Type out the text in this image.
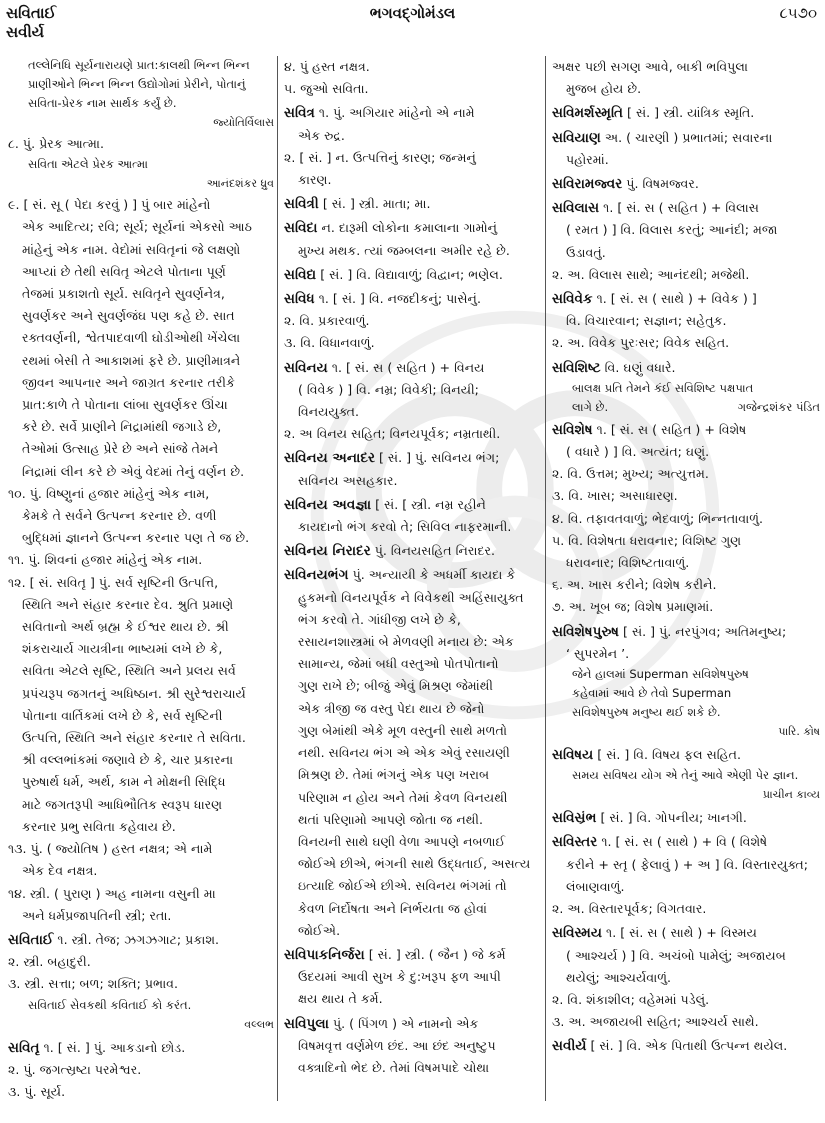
સવિતાઈ
સવીર્ય
ભગવદ્ગોમંડલ	૮૫૭૦
તલ્લેનિધિ સૂર્યનારાયણે પ્રાત:કાલથી ભિન્ન ભિન્ન
પ્રાણીઓને ભિન્ન ભિન્ન ઉદ્યોગોમાં પ્રેરીને, પોતાનું
સવિતા-પ્રેરક નામ સાર્થક કર્યું છે.
જ્યોતિર્વિલાસ
૮. પું. પ્રેરક આત્મા.
સવિતા એટલે પ્રેરક આત્મા
આનંદશંકર ધ્રુવ
૯. [ સં. સૂ ( પેદા કરવું ) ] પું બાર માંહેનો
એક આદિત્ય; રવિ; સૂર્ય; સૂર્યનાં એકસો આઠ
માંહેનું એક નામ. વેદોમાં સવિતૃનાં જે લક્ષણો
આપ્યાં છે તેથી સવિતૃ એટલે પોતાના પૂર્ણ
તેજમાં પ્રકાશતો સૂર્ય. સવિતૃને સુવર્ણનેત્ર,
સુવર્ણકર અને સુવર્ણજંઘ પણ કહે છે. સાત
રક્તવર્ણની, શ્વેતપાદવાળી ઘોડીઓથી ખેંચેલા
રથમાં બેસી તે આકાશમાં ફરે છે. પ્રાણીમાત્રને
જીવન આપનાર અને જાગ્રત કરનાર તરીકે
પ્રાત:કાળે તે પોતાના લાંબા સુવર્ણકર ઊંચા
કરે છે. સર્વે પ્રાણીને નિદ્રામાંથી જગાડે છે,
તેઓમાં ઉત્સાહ પ્રેરે છે અને સાંજે તેમને
નિદ્રામાં લીન કરે છે એવું વેદમાં તેનું વર્ણન છે.
૧૦. પું. વિષ્ણુનાં હજાર માંહેનું એક નામ,
કેમકે તે સર્વને ઉત્પન્ન કરનાર છે. વળી
બુદ્ધિમાં જ્ઞાનને ઉત્પન્ન કરનાર પણ તે જ છે.
૧૧. પું. શિવનાં હજાર માંહેનું એક નામ.
૧૨. [ સં. સવિતૃ ] પું. સર્વ સૃષ્ટિની ઉત્પત્તિ,
સ્થિતિ અને સંહાર કરનાર દેવ. શ્રુતિ પ્રમાણે
સવિતાનો અર્થ બ્રહ્મ કે ઈશ્વર થાય છે. શ્રી
શંકરાચાર્ય ગાયત્રીના ભાષ્યમાં લખે છે કે,
સવિતા એટલે સૃષ્ટિ, સ્થિતિ અને પ્રલય સર્વ
પ્રપંચરૂપ જગતનું અધિષ્ઠાન. શ્રી સુરેશ્વરાચાર્ય
પોતાના વાર્તિકમાં લખે છે કે, સર્વ સૃષ્ટિની
ઉત્પત્તિ, સ્થિતિ અને સંહાર કરનાર તે સવિતા.
શ્રી વલ્લભાંકમાં જણાવે છે કે, ચાર પ્રકારના
પુરુષાર્થ ધર્મ, અર્થ, કામ ને મોક્ષની સિદ્ધિ
માટે જગતરૂપી આધિભૌતિક સ્વરૂપ ધારણ
કરનાર પ્રભુ સવિતા કહેવાય છે.
૧૩. પું. ( જ્યોતિષ ) હસ્ત નક્ષત્ર; એ નામે
એક દેવ નક્ષત્ર.
૧૪. સ્ત્રી. ( પુરાણ ) અહ નામના વસુની મા
અને ધર્મપ્રજાપતિની સ્ત્રી; રતા.
સવિતાઈ ૧. સ્ત્રી. તેજ; ઝગઝગાટ; પ્રકાશ.
૨. સ્ત્રી. બહાદુરી.
૩. સ્ત્રી. સત્તા; બળ; શક્તિ; પ્રભાવ.
સવિતાઈ સેવકથી કવિતાઈ કો કરંત.
વલ્લભ
સવિતૃ ૧. [ સં. ] પું. આકડાનો છોડ.
૨. પું. જગત્સ્રષ્ટા પરમેશ્વર.
૩. પું. સૂર્ય.
૪. પું હસ્ત નક્ષત્ર.
૫. જુઓ સવિતા.
સવિત્ર ૧. પું. અગિયાર માંહેનો એ નામે
એક રુદ્ર.
૨. [ સં. ] ન. ઉત્પત્તિનું કારણ; જન્મનું
કારણ.
સવિત્રી [ સં. ] સ્ત્રી. માતા; મા.
સવિદા ન. દારૂમી લોકોના કમાલાના ગામોનું
મુખ્ય મથક. ત્યાં જમ્બલના અમીર રહે છે.
સવિદ્ય [ સં. ] વિ. વિદ્યાવાળું; વિદ્વાન; ભણેલ.
સવિધ ૧. [ સં. ] વિ. નજદીકનું; પાસેનું.
૨. વિ. પ્રકારવાળું.
૩. વિ. વિધાનવાળું.
સવિનય ૧. [ સં. સ ( સહિત ) + વિનય
( વિવેક ) ] વિ. નમ્ર; વિવેકી; વિનયી;
વિનયયુક્ત.
૨. અ વિનય સહિત; વિનયપૂર્વક; નમ્રતાથી.
સવિનય અનાદર [ સં. ] પું. સવિનય ભંગ;
સવિનય અસહકાર.
સવિનય અવજ્ઞા [ સં. [ સ્ત્રી. નમ્ર રહીને
કાયદાનો ભંગ કરવો તે; સિવિલ નાફરમાની.
સવિનય નિરાદર પું. વિનયસહિત નિરાદર.
સવિનયભંગ પું. અન્યાયી કે અધર્મી કાયદા કે
હુકમનો વિનયપૂર્વક ને વિવેકથી અહિંસાયુક્ત
ભંગ કરવો તે. ગાંધીજી લખે છે કે,
રસાયનશાસ્ત્રમાં બે મેળવણી મનાય છે: એક
સામાન્ય, જેમાં બધી વસ્તુઓ પોતપોતાનો
ગુણ રાખે છે; બીજું એવું મિશ્રણ જેમાંથી
એક ત્રીજી જ વસ્તુ પેદા થાય છે જેનો
ગુણ બેમાંથી એકે મૂળ વસ્તુની સાથે મળતો
નથી. સવિનય ભંગ એ એક એવું રસાયણી
મિશ્રણ છે. તેમાં ભંગનું એક પણ ખરાબ
પરિણામ ન હોય અને તેમાં કેવળ વિનયથી
થતાં પરિણામો આપણે જોતા જ નથી.
વિનયની સાથે ઘણી વેળા આપણે નબળાઈ
જોઈએ છીએ, ભંગની સાથે ઉદ્ધતાઈ, અસત્ય
ઇત્યાદિ જોઈએ છીએ. સવિનય ભંગમાં તો
કેવળ નિર્દોષતા અને નિર્ભયતા જ હોવાં
જોઈએ.
સવિપાકનિર્જરા [ સં. ] સ્ત્રી. ( જૈન ) જે કર્મ
ઉદયમાં આવી સુખ કે દુ:ખરૂપ ફળ આપી
ક્ષય થાય તે કર્મ.
સવિપુલા પું. ( પિંગળ ) એ નામનો એક
વિષમવૃત્ત વર્ણમેળ છંદ. આ છંદ અનુષ્ટુપ
વક્ત્રાદિનો ભેદ છે. તેમાં વિષમપાદે ચોથા
અક્ષર પછી સગણ આવે, બાકી ભવિપુલા
મુજબ હોય છે.
સવિમર્શસ્મૃતિ [ સં. ] સ્ત્રી. યાંત્રિક સ્મૃતિ.
સવિયાણ અ. ( ચારણી ) પ્રભાતમાં; સવારના
પહોરમાં.
સવિરામજ્વર પું. વિષમજ્વર.
સવિલાસ ૧. [ સં. સ ( સહિત ) + વિલાસ
( રમત ) ] વિ. વિલાસ કરતું; આનંદી; મજા
ઉડાવતું.
૨. અ. વિલાસ સાથે; આનંદથી; મજેથી.
સવિવેક ૧. [ સં. સ ( સાથે ) + વિવેક ) ]
વિ. વિચારવાન; સજ્ઞાન; સહેતુક.
૨. અ. વિવેક પુરઃસર; વિવેક સહિત.
સવિશિષ્ટ વિ. ઘણું વધારે.
બાલક્ષ પ્રતિ તેમને કંઈ સવિશિષ્ટ પક્ષપાત
લાગે છે.	ગજેન્દ્રશંકર પંડિત
સવિશેષ ૧. [ સં. સ ( સહિત ) + વિશેષ
( વધારે ) ] વિ. અત્યંત; ઘણું.
૨. વિ. ઉત્તમ; મુખ્ય; અત્યુત્તમ.
૩. વિ. ખાસ; અસાધારણ.
૪. વિ. તફાવતવાળું; ભેદવાળું; ભિન્નતાવાળું.
૫. વિ. વિશેષતા ધરાવનાર; વિશિષ્ટ ગુણ
ધરાવનાર; વિશિષ્ટતાવાળું.
૬. અ. ખાસ કરીને; વિશેષ કરીને.
૭. અ. ખૂબ જ; વિશેષ પ્રમાણમાં.
સવિશેષપુરુષ [ સં. ] પું. નરપુંગવ; અતિમનુષ્ય;
‘ સુપરમેન ’.
જેને હાલમાં Superman સવિશેષપુરુષ
કહેવામાં આવે છે તેવો Superman
સવિશેષપુરુષ મનુષ્ય થઈ શકે છે.
પારિ. કોષ
સવિષય [ સં. ] વિ. વિષય ફલ સહિત.
સમય સવિષય યોગ એ તેનું આવે એણી પેર જ્ઞાન.
પ્રાચીન કાવ્ય
સવિસ્રંભ [ સં. ] વિ. ગોપનીય; ખાનગી.
સવિસ્તર ૧. [ સં. સ ( સાથે ) + વિ ( વિશેષે
કરીને + સ્તૃ ( ફેલાવું ) + અ ] વિ. વિસ્તારયુક્ત;
લંબાણવાળું.
૨. અ. વિસ્તારપૂર્વક; વિગતવાર.
સવિસ્મય ૧. [ સં. સ ( સાથે ) + વિસ્મય
( આશ્ચર્ય ) ] વિ. અચંબો પામેલું; અજાયબ
થયેલું; આશ્ચર્યવાળું.
૨. વિ. શંકાશીલ; વહેમમાં પડેલું.
૩. અ. અજાયબી સહિત; આશ્ચર્ય સાથે.
સવીર્ય [ સં. ] વિ. એક પિતાથી ઉત્પન્ન થયેલ.
